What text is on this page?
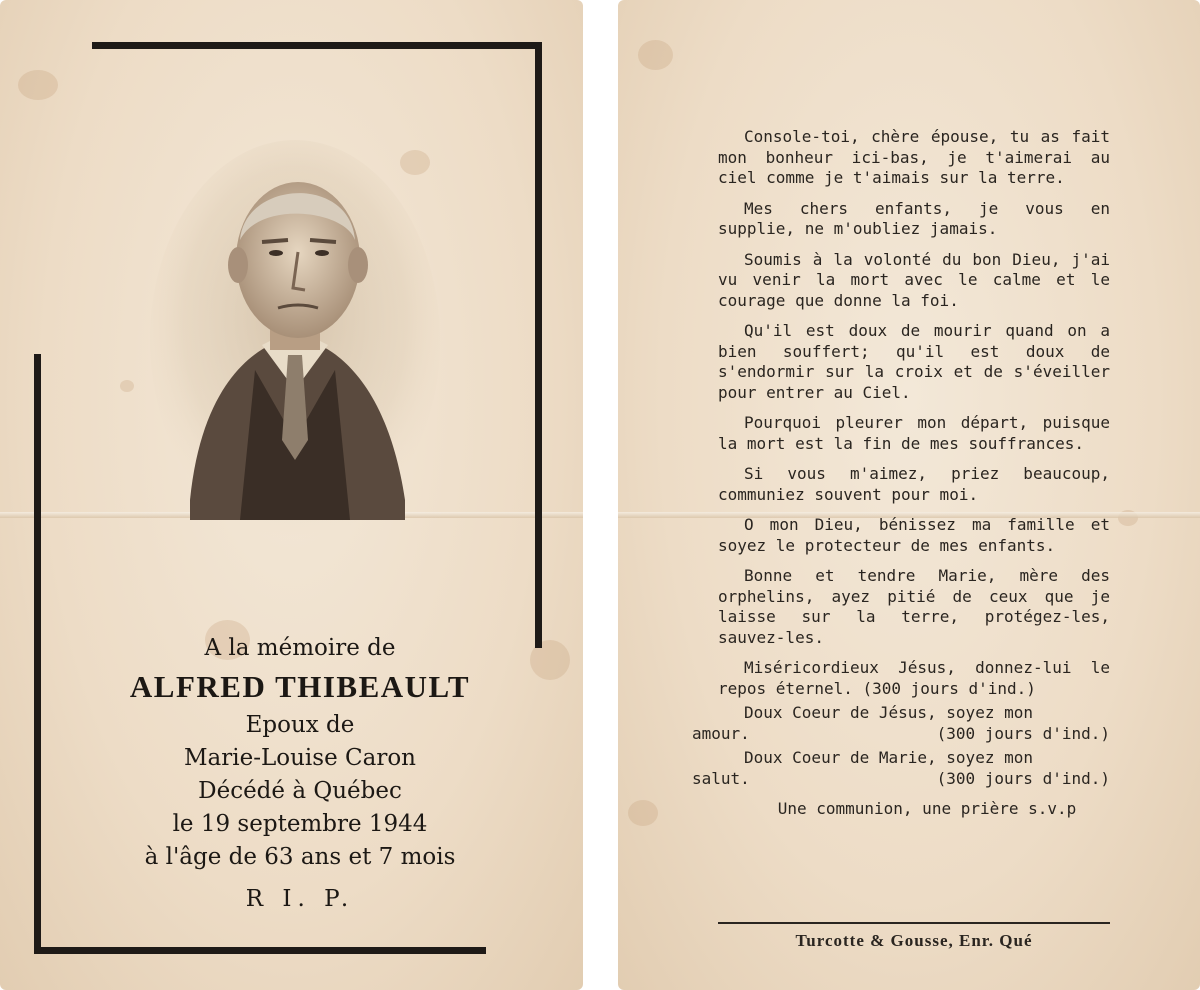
A la mémoire de
ALFRED THIBEAULT
Epoux de
Marie-Louise Caron
Décédé à Québec
le 19 septembre 1944
à l'âge de 63 ans et 7 mois
R I. P.

Console-toi, chère épouse, tu as fait mon bonheur ici-bas, je t'aimerai au ciel comme je t'aimais sur la terre.

Mes chers enfants, je vous en supplie, ne m'oubliez jamais.

Soumis à la volonté du bon Dieu, j'ai vu venir la mort avec le calme et le courage que donne la foi.

Qu'il est doux de mourir quand on a bien souffert; qu'il est doux de s'endormir sur la croix et de s'éveiller pour entrer au Ciel.

Pourquoi pleurer mon départ, puisque la mort est la fin de mes souffrances.

Si vous m'aimez, priez beaucoup, communiez souvent pour moi.

O mon Dieu, bénissez ma famille et soyez le protecteur de mes enfants.

Bonne et tendre Marie, mère des orphelins, ayez pitié de ceux que je laisse sur la terre, protégez-les, sauvez-les.

Miséricordieux Jésus, donnez-lui le repos éternel. (300 jours d'ind.)

Doux Coeur de Jésus, soyez mon

amour.	(300 jours d'ind.)

Doux Coeur de Marie, soyez mon

salut.	(300 jours d'ind.)

Une communion, une prière s.v.p

Turcotte & Gousse, Enr. Qué
